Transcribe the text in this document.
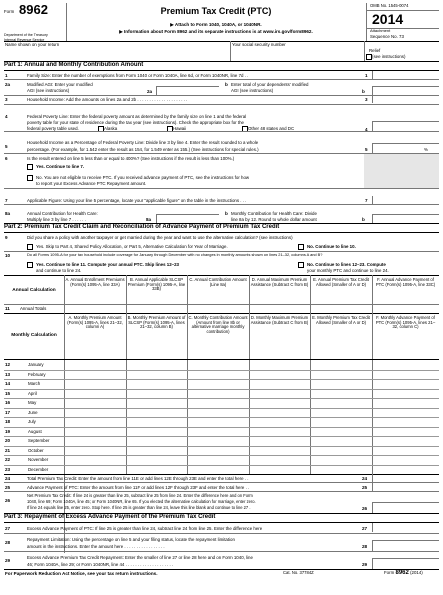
Form 8962
Department of the Treasury
Internal Revenue Service
Premium Tax Credit (PTC)
▶ Attach to Form 1040, 1040A, or 1040NR.
▶ Information about Form 8962 and its separate instructions is at www.irs.gov/form8962.
OMB No. 1545-0074
2014
Attachment
Sequence No. 73
Name shown on your return	Your social security number
Relief
(see instructions)
Part 1: Annual and Monthly Contribution Amount
1	Family Size: Enter the number of exemptions from Form 1040 or Form 1040A, line 6d, or Form 1040NR, line 7d . .	1
2a	Modified AGI: Enter your modified
AGI (see instructions)	2a
b Enter total of your dependents' modified
AGI (see instructions)	b
3	Household Income: Add the amounts on lines 2a and 2b . . . . . . . . . . . . . . . . . . . . .	3
4	Federal Poverty Line: Enter the federal poverty amount as determined by the family size on line 1 and the federal
poverty table for your state of residence during the tax year (see instructions). Check the appropriate box for the
federal poverty table used.	Alaska	Hawaii	Other 48 states and DC	4
5
Household Income as a Percentage of Federal Poverty Line: Divide line 3 by line 4. Enter the result rounded to a whole
percentage. (For example, for 1.542 enter the result as 154, for 1.549 enter as 155.) (See instructions for special rules.)	5	%
6	Is the result entered on line 5 less than or equal to 400%? (See instructions if the result is less than 100%.)
Yes. Continue to line 7.
No. You are not eligible to receive PTC. If you received advance payment of PTC, see the instructions for how
to report your Excess Advance PTC Repayment amount.
7	Applicable Figure: Using your line 5 percentage, locate your "applicable figure" on the table in the instructions . . .	7
8a	Annual Contribution for Health Care:
Multiply line 3 by line 7 . . . . . .	8a
b Monthly Contribution for Health Care: Divide
line 8a by 12. Round to whole dollar amount	b
Part 2: Premium Tax Credit Claim and Reconciliation of Advance Payment of Premium Tax Credit
9	Did you share a policy with another taxpayer or get married during the year and want to use the alternative calculation? (see instructions)
Yes. Skip to Part 4, Shared Policy Allocation, or Part 5, Alternative Calculation for Year of Marriage.	No. Continue to line 10.
10	Do all Forms 1095-A for your tax household include coverage for January through December with no changes in monthly amounts shown on lines 21–32, columns A and B?
Yes. Continue to line 11. Compute your annual PTC. Skip lines 12–23
and continue to line 24.
No. Continue to lines 12–23. Compute
your monthly PTC and continue to line 24.
Annual Calculation
A. Annual Enrollment Premiums (Form(s) 1095-A, line 33A)
B. Annual Applicable SLCSP Premium (Form(s) 1095-A, line 33B)
C. Annual Contribution Amount (Line 8a)
D. Annual Maximum Premium Assistance (Subtract C from B)
E. Annual Premium Tax Credit Allowed (Smaller of A or D)
F. Annual Advance Payment of PTC (Form(s) 1095-A, line 33C)
11	Annual Totals
Monthly Calculation
A. Monthly Premium Amount (Form(s) 1095-A, lines 21–32, column A)
B. Monthly Premium Amount of SLCSP (Form(s) 1095-A, lines 21–32, column B)
C. Monthly Contribution Amount (Amount from line 8b or alternative marriage monthly contribution)
D. Monthly Maximum Premium Assistance (Subtract C from B)
E. Monthly Premium Tax Credit Allowed (Smaller of A or D)
F. Monthly Advance Payment of PTC (Form(s) 1095-A, lines 21–32, column C)
12	January
13	February
14	March
15	April
16	May
17	June
18	July
19	August
20	September
21	October
22	November
23	December
24	Total Premium Tax Credit: Enter the amount from line 11E or add lines 12E through 23E and enter the total here . .	24
25	Advance Payment of PTC: Enter the amount from line 11F or add lines 12F through 23F and enter the total here . .	25
26
Net Premium Tax Credit: If line 24 is greater than line 25, subtract line 25 from line 24. Enter the difference here and on Form
1040, line 69; Form 1040A, line 45; or Form 1040NR, line 65. If you elected the alternative calculation for marriage, enter zero.
If line 24 equals line 25, enter zero. Stop here. If line 25 is greater than line 24, leave this line blank and continue to line 27 .	26
Part 3: Repayment of Excess Advance Payment of the Premium Tax Credit
27	Excess Advance Payment of PTC: If line 25 is greater than line 24, subtract line 24 from line 25. Enter the difference here	27
28
Repayment Limitation: Using the percentage on line 5 and your filing status, locate the repayment limitation
amount in the instructions. Enter the amount here . . . . . . . . . . . . . . . . .	28
29
Excess Advance Premium Tax Credit Repayment: Enter the smaller of line 27 or line 28 here and on Form 1040, line
46; Form 1040A, line 29; or Form 1040NR, line 44 . . . . . . . . . . . . . . . . . . . .	29
For Paperwork Reduction Act Notice, see your tax return instructions.	Cat. No. 37784Z	Form 8962 (2014)
